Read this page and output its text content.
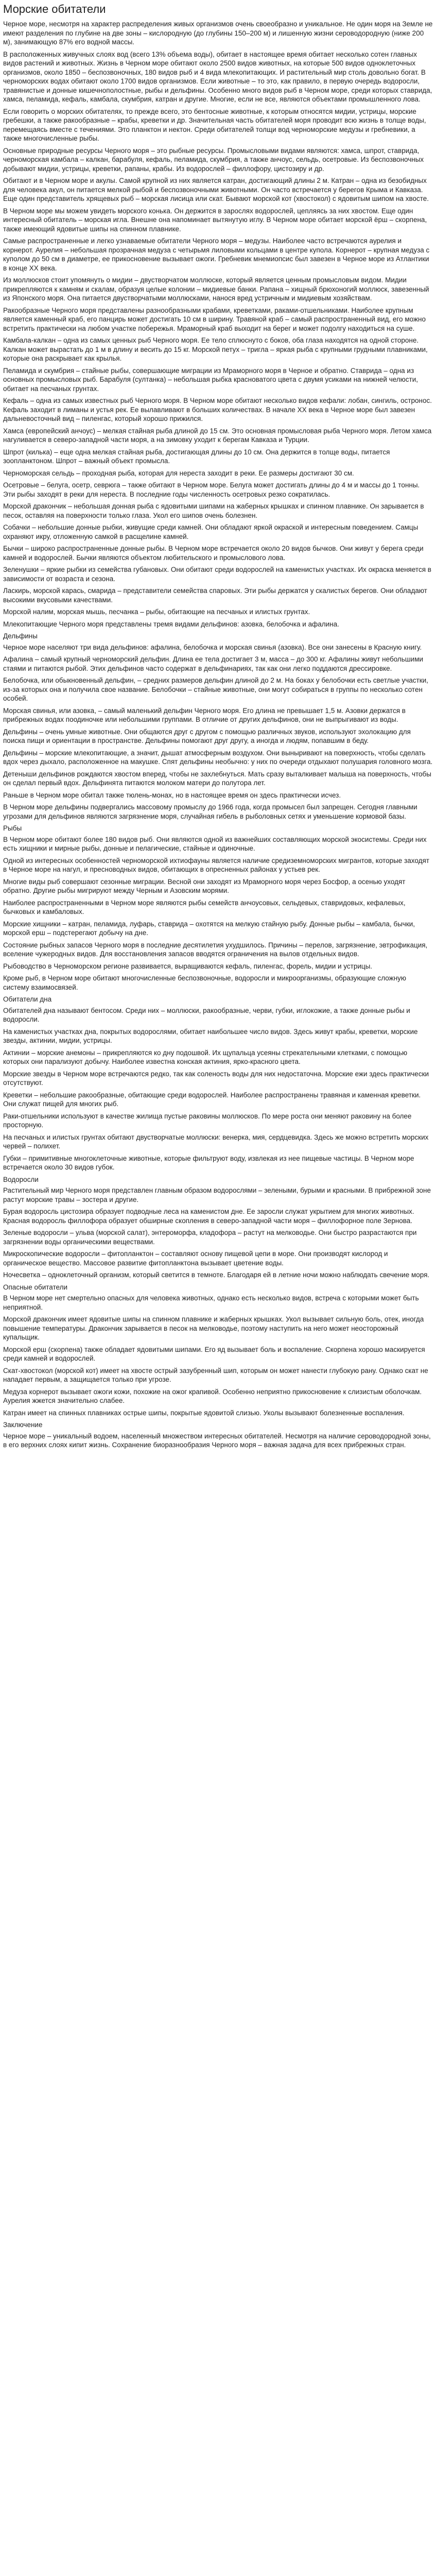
Морские обитатели

Черное море, несмотря на характер распределения живых организмов очень своеобразно и уникальное. Не один моря на Земле не имеют разделения по глубине на две зоны – кислородную (до глубины 150–200 м) и лишенную жизни сероводородную (ниже 200 м), занимающую 87% его водной массы.

В расположенных живучных слоях вод (всего 13% объема воды), обитает в настоящее время обитает несколько сотен главных видов растений и животных. Жизнь в Черном море обитают около 2500 видов животных, на которые 500 видов одноклеточных организмов, около 1850 – беспозвоночных, 180 видов рыб и 4 вида млекопитающих. И растительный мир столь довольно богат. В черноморских водах обитают около 1700 видов организмов. Если животные – то это, как правило, в первую очередь водоросли, травянистые и донные кишечнополостные, рыбы и дельфины. Особенно много видов рыб в Черном море, среди которых ставрида, хамса, пеламида, кефаль, камбала, скумбрия, катран и другие. Многие, если не все, являются объектами промышленного лова.

Если говорить о морских обитателях, то прежде всего, это бентосные животные, к которым относятся мидии, устрицы, морские гребешки, а также ракообразные – крабы, креветки и др. Значительная часть обитателей моря проводит всю жизнь в толще воды, перемещаясь вместе с течениями. Это планктон и нектон. Среди обитателей толщи вод черноморские медузы и гребневики, а также многочисленные рыбы.

Основные природные ресурсы Черного моря – это рыбные ресурсы. Промысловыми видами являются: хамса, шпрот, ставрида, черноморская камбала – калкан, барабуля, кефаль, пеламида, скумбрия, а также анчоус, сельдь, осетровые. Из беспозвоночных добывают мидии, устрицы, креветки, рапаны, крабы. Из водорослей – филлофору, цистозиру и др.

Обитают и в Черном море и акулы. Самой крупной из них является катран, достигающий длины 2 м. Катран – одна из безобидных для человека акул, он питается мелкой рыбой и беспозвоночными животными. Он часто встречается у берегов Крыма и Кавказа. Еще один представитель хрящевых рыб – морская лисица или скат. Бывают морской кот (хвостокол) с ядовитым шипом на хвосте.

В Черном море мы можем увидеть морского конька. Он держится в зарослях водорослей, цепляясь за них хвостом. Еще один интересный обитатель – морская игла. Внешне она напоминает вытянутую иглу. В Черном море обитает морской ёрш – скорпена, также имеющий ядовитые шипы на спинном плавнике.

Самые распространенные и легко узнаваемые обитатели Черного моря – медузы. Наиболее часто встречаются аурелия и корнерот. Аурелия – небольшая прозрачная медуза с четырьмя лиловыми кольцами в центре купола. Корнерот – крупная медуза с куполом до 50 см в диаметре, ее прикосновение вызывает ожоги. Гребневик мнемиопсис был завезен в Черное море из Атлантики в конце XX века.

Из моллюсков стоит упомянуть о мидии – двустворчатом моллюске, который является ценным промысловым видом. Мидии прикрепляются к камням и скалам, образуя целые колонии – мидиевые банки. Рапана – хищный брюхоногий моллюск, завезенный из Японского моря. Она питается двустворчатыми моллюсками, нанося вред устричным и мидиевым хозяйствам.

Ракообразные Черного моря представлены разнообразными крабами, креветками, раками-отшельниками. Наиболее крупным является каменный краб, его панцирь может достигать 10 см в ширину. Травяной краб – самый распространенный вид, его можно встретить практически на любом участке побережья. Мраморный краб выходит на берег и может подолгу находиться на суше.

Камбала-калкан – одна из самых ценных рыб Черного моря. Ее тело сплюснуто с боков, оба глаза находятся на одной стороне. Калкан может вырастать до 1 м в длину и весить до 15 кг. Морской петух – тригла – яркая рыба с крупными грудными плавниками, которые она раскрывает как крылья.

Пеламида и скумбрия – стайные рыбы, совершающие миграции из Мраморного моря в Черное и обратно. Ставрида – одна из основных промысловых рыб. Барабуля (султанка) – небольшая рыбка красноватого цвета с двумя усиками на нижней челюсти, обитает на песчаных грунтах.

Кефаль – одна из самых известных рыб Черного моря. В Черном море обитают несколько видов кефали: лобан, сингиль, остронос. Кефаль заходит в лиманы и устья рек. Ее вылавливают в больших количествах. В начале XX века в Черное море был завезен дальневосточный вид – пиленгас, который хорошо прижился.

Хамса (европейский анчоус) – мелкая стайная рыба длиной до 15 см. Это основная промысловая рыба Черного моря. Летом хамса нагуливается в северо-западной части моря, а на зимовку уходит к берегам Кавказа и Турции.

Шпрот (килька) – еще одна мелкая стайная рыба, достигающая длины до 10 см. Она держится в толще воды, питается зоопланктоном. Шпрот – важный объект промысла.

Черноморская сельдь – проходная рыба, которая для нереста заходит в реки. Ее размеры достигают 30 см.

Осетровые – белуга, осетр, севрюга – также обитают в Черном море. Белуга может достигать длины до 4 м и массы до 1 тонны. Эти рыбы заходят в реки для нереста. В последние годы численность осетровых резко сократилась.

Морской дракончик – небольшая донная рыба с ядовитыми шипами на жаберных крышках и спинном плавнике. Он зарывается в песок, оставляя на поверхности только глаза. Укол его шипов очень болезнен.

Собачки – небольшие донные рыбки, живущие среди камней. Они обладают яркой окраской и интересным поведением. Самцы охраняют икру, отложенную самкой в расщелине камней.

Бычки – широко распространенные донные рыбы. В Черном море встречается около 20 видов бычков. Они живут у берега среди камней и водорослей. Бычки являются объектом любительского и промыслового лова.

Зеленушки – яркие рыбки из семейства губановых. Они обитают среди водорослей на каменистых участках. Их окраска меняется в зависимости от возраста и сезона.

Ласкирь, морской карась, смарида – представители семейства спаровых. Эти рыбы держатся у скалистых берегов. Они обладают высокими вкусовыми качествами.

Морской налим, морская мышь, песчанка – рыбы, обитающие на песчаных и илистых грунтах.

Млекопитающие Черного моря представлены тремя видами дельфинов: азовка, белобочка и афалина.

Дельфины

Черное море населяют три вида дельфинов: афалина, белобочка и морская свинья (азовка). Все они занесены в Красную книгу.

Афалина – самый крупный черноморский дельфин. Длина ее тела достигает 3 м, масса – до 300 кг. Афалины живут небольшими стаями и питаются рыбой. Этих дельфинов часто содержат в дельфинариях, так как они легко поддаются дрессировке.

Белобочка, или обыкновенный дельфин, – средних размеров дельфин длиной до 2 м. На боках у белобочки есть светлые участки, из-за которых она и получила свое название. Белобочки – стайные животные, они могут собираться в группы по несколько сотен особей.

Морская свинья, или азовка, – самый маленький дельфин Черного моря. Его длина не превышает 1,5 м. Азовки держатся в прибрежных водах поодиночке или небольшими группами. В отличие от других дельфинов, они не выпрыгивают из воды.

Дельфины – очень умные животные. Они общаются друг с другом с помощью различных звуков, используют эхолокацию для поиска пищи и ориентации в пространстве. Дельфины помогают друг другу, а иногда и людям, попавшим в беду.

Дельфины – морские млекопитающие, а значит, дышат атмосферным воздухом. Они выныривают на поверхность, чтобы сделать вдох через дыхало, расположенное на макушке. Спят дельфины необычно: у них по очереди отдыхают полушария головного мозга.

Детеныши дельфинов рождаются хвостом вперед, чтобы не захлебнуться. Мать сразу выталкивает малыша на поверхность, чтобы он сделал первый вдох. Дельфинята питаются молоком матери до полутора лет.

Раньше в Черном море обитал также тюлень-монах, но в настоящее время он здесь практически исчез.

В Черном море дельфины подвергались массовому промыслу до 1966 года, когда промысел был запрещен. Сегодня главными угрозами для дельфинов являются загрязнение моря, случайная гибель в рыболовных сетях и уменьшение кормовой базы.

Рыбы

В Черном море обитают более 180 видов рыб. Они являются одной из важнейших составляющих морской экосистемы. Среди них есть хищники и мирные рыбы, донные и пелагические, стайные и одиночные.

Одной из интересных особенностей черноморской ихтиофауны является наличие средиземноморских мигрантов, которые заходят в Черное море на нагул, и пресноводных видов, обитающих в опресненных районах у устьев рек.

Многие виды рыб совершают сезонные миграции. Весной они заходят из Мраморного моря через Босфор, а осенью уходят обратно. Другие рыбы мигрируют между Черным и Азовским морями.

Наиболее распространенными в Черном море являются рыбы семейств анчоусовых, сельдевых, ставридовых, кефалевых, бычковых и камбаловых.

Морские хищники – катран, пеламида, луфарь, ставрида – охотятся на мелкую стайную рыбу. Донные рыбы – камбала, бычки, морской ерш – подстерегают добычу на дне.

Состояние рыбных запасов Черного моря в последние десятилетия ухудшилось. Причины – перелов, загрязнение, эвтрофикация, вселение чужеродных видов. Для восстановления запасов вводятся ограничения на вылов отдельных видов.

Рыбоводство в Черноморском регионе развивается, выращиваются кефаль, пиленгас, форель, мидии и устрицы.

Кроме рыб, в Черном море обитают многочисленные беспозвоночные, водоросли и микроорганизмы, образующие сложную систему взаимосвязей.

Обитатели дна

Обитателей дна называют бентосом. Среди них – моллюски, ракообразные, черви, губки, иглокожие, а также донные рыбы и водоросли.

На каменистых участках дна, покрытых водорослями, обитает наибольшее число видов. Здесь живут крабы, креветки, морские звезды, актинии, мидии, устрицы.

Актинии – морские анемоны – прикрепляются ко дну подошвой. Их щупальца усеяны стрекательными клетками, с помощью которых они парализуют добычу. Наиболее известна конская актиния, ярко-красного цвета.

Морские звезды в Черном море встречаются редко, так как соленость воды для них недостаточна. Морские ежи здесь практически отсутствуют.

Креветки – небольшие ракообразные, обитающие среди водорослей. Наиболее распространены травяная и каменная креветки. Они служат пищей для многих рыб.

Раки-отшельники используют в качестве жилища пустые раковины моллюсков. По мере роста они меняют раковину на более просторную.

На песчаных и илистых грунтах обитают двустворчатые моллюски: венерка, мия, сердцевидка. Здесь же можно встретить морских червей – полихет.

Губки – примитивные многоклеточные животные, которые фильтруют воду, извлекая из нее пищевые частицы. В Черном море встречается около 30 видов губок.

Водоросли

Растительный мир Черного моря представлен главным образом водорослями – зелеными, бурыми и красными. В прибрежной зоне растут морские травы – зостера и другие.

Бурая водоросль цистозира образует подводные леса на каменистом дне. Ее заросли служат укрытием для многих животных. Красная водоросль филлофора образует обширные скопления в северо-западной части моря – филлофорное поле Зернова.

Зеленые водоросли – ульва (морской салат), энтероморфа, кладофора – растут на мелководье. Они быстро разрастаются при загрязнении воды органическими веществами.

Микроскопические водоросли – фитопланктон – составляют основу пищевой цепи в море. Они производят кислород и органическое вещество. Массовое развитие фитопланктона вызывает цветение воды.

Ночесветка – одноклеточный организм, который светится в темноте. Благодаря ей в летние ночи можно наблюдать свечение моря.

Опасные обитатели

В Черном море нет смертельно опасных для человека животных, однако есть несколько видов, встреча с которыми может быть неприятной.

Морской дракончик имеет ядовитые шипы на спинном плавнике и жаберных крышках. Укол вызывает сильную боль, отек, иногда повышение температуры. Дракончик зарывается в песок на мелководье, поэтому наступить на него может неосторожный купальщик.

Морской ерш (скорпена) также обладает ядовитыми шипами. Его яд вызывает боль и воспаление. Скорпена хорошо маскируется среди камней и водорослей.

Скат-хвостокол (морской кот) имеет на хвосте острый зазубренный шип, которым он может нанести глубокую рану. Однако скат не нападает первым, а защищается только при угрозе.

Медуза корнерот вызывает ожоги кожи, похожие на ожог крапивой. Особенно неприятно прикосновение к слизистым оболочкам. Аурелия жжется значительно слабее.

Катран имеет на спинных плавниках острые шипы, покрытые ядовитой слизью. Уколы вызывают болезненные воспаления.

Заключение

Черное море – уникальный водоем, населенный множеством интересных обитателей. Несмотря на наличие сероводородной зоны, в его верхних слоях кипит жизнь. Сохранение биоразнообразия Черного моря – важная задача для всех прибрежных стран.
